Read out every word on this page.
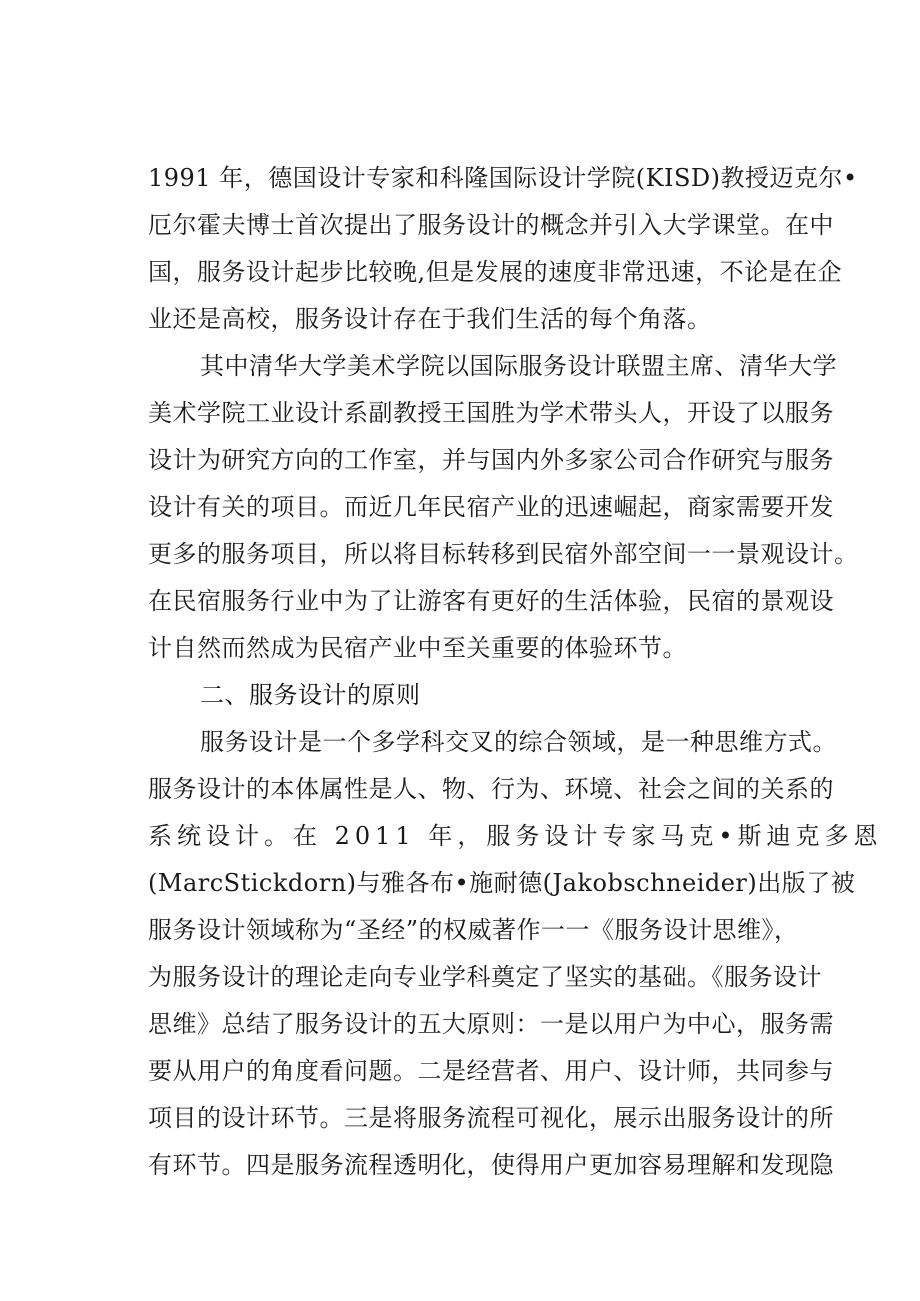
1991 年，德国设计专家和科隆国际设计学院(KISD)教授迈克尔•
厄尔霍夫博士首次提出了服务设计的概念并引入大学课堂。在中
国，服务设计起步比较晚,但是发展的速度非常迅速，不论是在企
业还是高校，服务设计存在于我们生活的每个角落。
其中清华大学美术学院以国际服务设计联盟主席、清华大学
美术学院工业设计系副教授王国胜为学术带头人，开设了以服务
设计为研究方向的工作室，并与国内外多家公司合作研究与服务
设计有关的项目。而近几年民宿产业的迅速崛起，商家需要开发
更多的服务项目，所以将目标转移到民宿外部空间一一景观设计。
在民宿服务行业中为了让游客有更好的生活体验，民宿的景观设
计自然而然成为民宿产业中至关重要的体验环节。
二、服务设计的原则
服务设计是一个多学科交叉的综合领域，是一种思维方式。
服务设计的本体属性是人、物、行为、环境、社会之间的关系的
系统设计。在 2011 年，服务设计专家马克•斯迪克多恩
(MarcStickdorn)与雅各布•施耐德(Jakobschneider)出版了被
服务设计领域称为“圣经”的权威著作一一《服务设计思维》，
为服务设计的理论走向专业学科奠定了坚实的基础。《服务设计
思维》总结了服务设计的五大原则：一是以用户为中心，服务需
要从用户的角度看问题。二是经营者、用户、设计师，共同参与
项目的设计环节。三是将服务流程可视化，展示出服务设计的所
有环节。四是服务流程透明化，使得用户更加容易理解和发现隐
